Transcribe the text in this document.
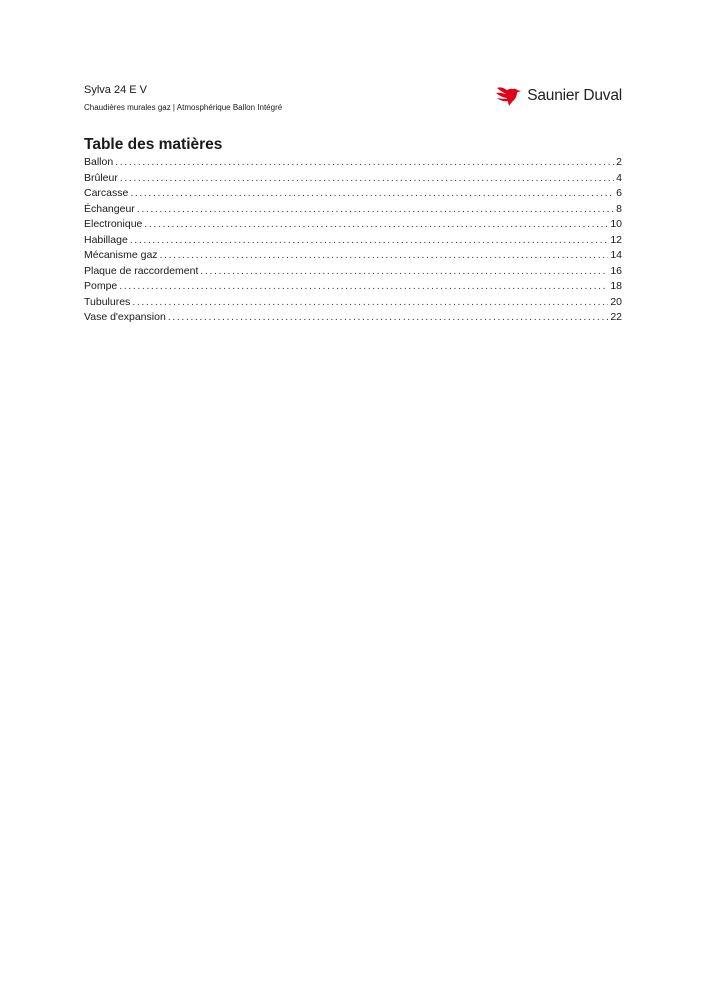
Sylva 24 E V
Chaudières murales gaz | Atmosphérique Ballon Intégré
Saunier Duval
Table des matières
Ballon .....	2
Brûleur .....	4
Carcasse .....	6
Échangeur .....	8
Electronique .....	10
Habillage .....	12
Mécanisme gaz .....	14
Plaque de raccordement .....	16
Pompe .....	18
Tubulures .....	20
Vase d'expansion .....	22
